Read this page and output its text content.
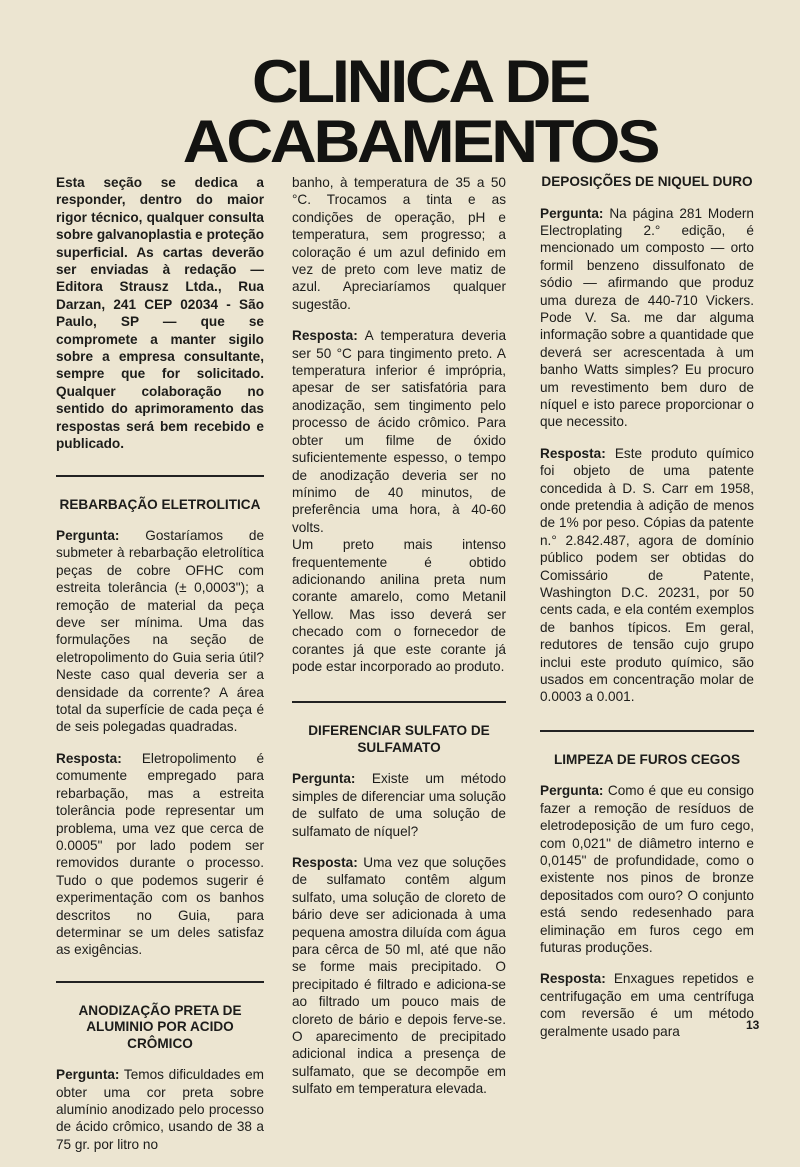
CLINICA DE
ACABAMENTOS

Esta seção se dedica a responder, dentro do maior rigor técnico, qualquer consulta sobre galvanoplastia e proteção superficial. As cartas deverão ser enviadas à redação — Editora Strausz Ltda., Rua Darzan, 241 CEP 02034 - São Paulo, SP — que se compromete a manter sigilo sobre a empresa consultante, sempre que for solicitado. Qualquer colaboração no sentido do aprimoramento das respostas será bem recebido e publicado.

REBARBAÇÃO ELETROLITICA

Pergunta: Gostaríamos de submeter à rebarbação eletrolítica peças de cobre OFHC com estreita tolerância (± 0,0003"); a remoção de material da peça deve ser mínima. Uma das formulações na seção de eletropolimento do Guia seria útil? Neste caso qual deveria ser a densidade da corrente? A área total da superfície de cada peça é de seis polegadas quadradas.

Resposta: Eletropolimento é comumente empregado para rebarbação, mas a estreita tolerância pode representar um problema, uma vez que cerca de 0.0005" por lado podem ser removidos durante o processo. Tudo o que podemos sugerir é experimentação com os banhos descritos no Guia, para determinar se um deles satisfaz as exigências.

ANODIZAÇÃO PRETA DE ALUMINIO POR ACIDO CRÔMICO

Pergunta: Temos dificuldades em obter uma cor preta sobre alumínio anodizado pelo processo de ácido crômico, usando de 38 a 75 gr. por litro no

banho, à temperatura de 35 a 50 °C. Trocamos a tinta e as condições de operação, pH e temperatura, sem progresso; a coloração é um azul definido em vez de preto com leve matiz de azul. Apreciaríamos qualquer sugestão.

Resposta: A temperatura deveria ser 50 °C para tingimento preto. A temperatura inferior é imprópria, apesar de ser satisfatória para anodização, sem tingimento pelo processo de ácido crômico. Para obter um filme de óxido suficientemente espesso, o tempo de anodização deveria ser no mínimo de 40 minutos, de preferência uma hora, à 40-60 volts.

Um preto mais intenso frequentemente é obtido adicionando anilina preta num corante amarelo, como Metanil Yellow. Mas isso deverá ser checado com o fornecedor de corantes já que este corante já pode estar incorporado ao produto.

DIFERENCIAR SULFATO DE SULFAMATO

Pergunta: Existe um método simples de diferenciar uma solução de sulfato de uma solução de sulfamato de níquel?

Resposta: Uma vez que soluções de sulfamato contêm algum sulfato, uma solução de cloreto de bário deve ser adicionada à uma pequena amostra diluída com água para cêrca de 50 ml, até que não se forme mais precipitado. O precipitado é filtrado e adiciona-se ao filtrado um pouco mais de cloreto de bário e depois ferve-se. O aparecimento de precipitado adicional indica a presença de sulfamato, que se decompõe em sulfato em temperatura elevada.

DEPOSIÇÕES DE NIQUEL DURO

Pergunta: Na página 281 Modern Electroplating 2.° edição, é mencionado um composto — orto formil benzeno dissulfonato de sódio — afirmando que produz uma dureza de 440-710 Vickers. Pode V. Sa. me dar alguma informação sobre a quantidade que deverá ser acrescentada à um banho Watts simples? Eu procuro um revestimento bem duro de níquel e isto parece proporcionar o que necessito.

Resposta: Este produto químico foi objeto de uma patente concedida à D. S. Carr em 1958, onde pretendia à adição de menos de 1% por peso. Cópias da patente n.° 2.842.487, agora de domínio público podem ser obtidas do Comissário de Patente, Washington D.C. 20231, por 50 cents cada, e ela contém exemplos de banhos típicos. Em geral, redutores de tensão cujo grupo inclui este produto químico, são usados em concentração molar de 0.0003 a 0.001.

LIMPEZA DE FUROS CEGOS

Pergunta: Como é que eu consigo fazer a remoção de resíduos de eletrodeposição de um furo cego, com 0,021" de diâmetro interno e 0,0145" de profundidade, como o existente nos pinos de bronze depositados com ouro? O conjunto está sendo redesenhado para eliminação em furos cego em futuras produções.

Resposta: Enxagues repetidos e centrifugação em uma centrífuga com reversão é um método geralmente usado para	13
